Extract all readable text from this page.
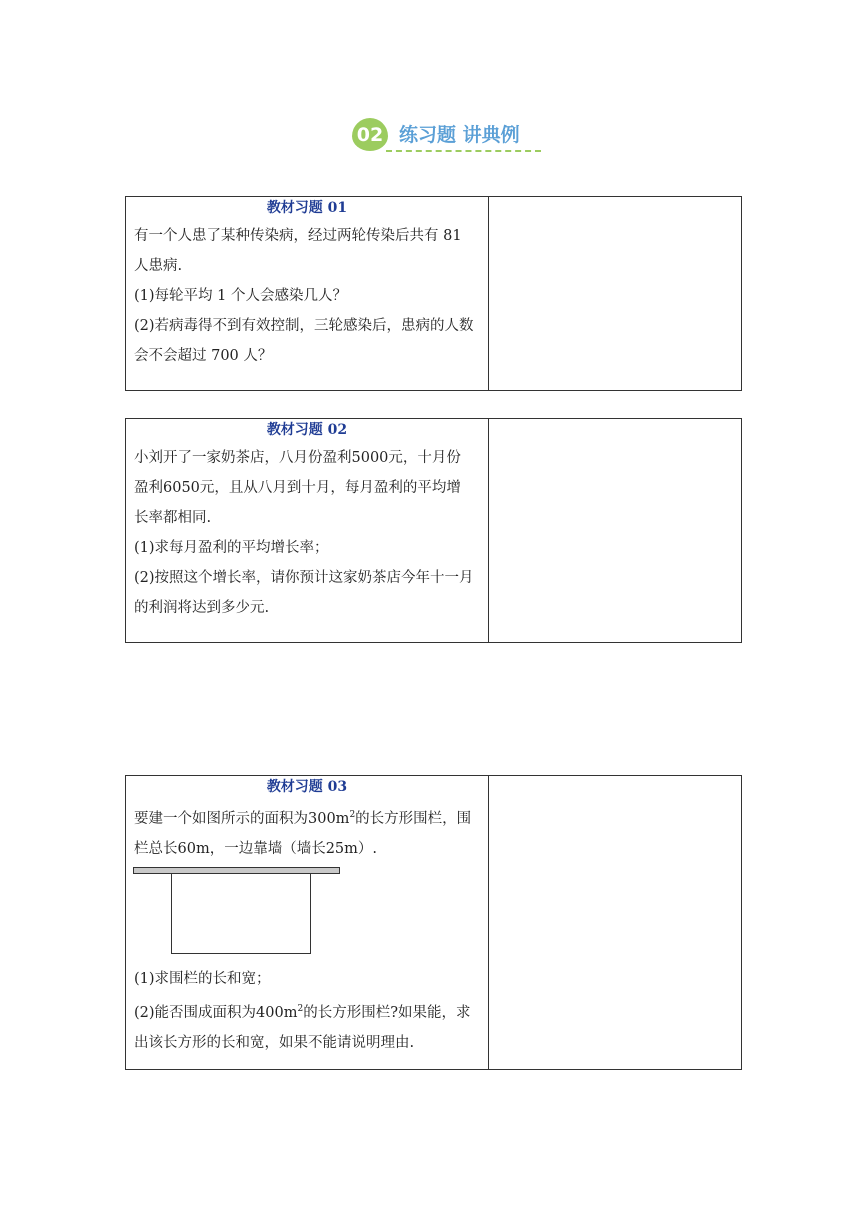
02 练习题 讲典例
教材习题 01
有一个人患了某种传染病，经过两轮传染后共有 81
人患病.
(1)每轮平均 1 个人会感染几人？
(2)若病毒得不到有效控制，三轮感染后，患病的人数
会不会超过 700 人？
教材习题 02
小刘开了一家奶茶店，八月份盈利5000元，十月份
盈利6050元，且从八月到十月，每月盈利的平均增
长率都相同.
(1)求每月盈利的平均增长率；
(2)按照这个增长率，请你预计这家奶茶店今年十一月
的利润将达到多少元.
教材习题 03
要建一个如图所示的面积为$300m^2$的长方形围栏，围
栏总长60m，一边靠墙（墙长25m）.
(1)求围栏的长和宽；
(2)能否围成面积为$400m^2$的长方形围栏?如果能，求
出该长方形的长和宽，如果不能请说明理由.
